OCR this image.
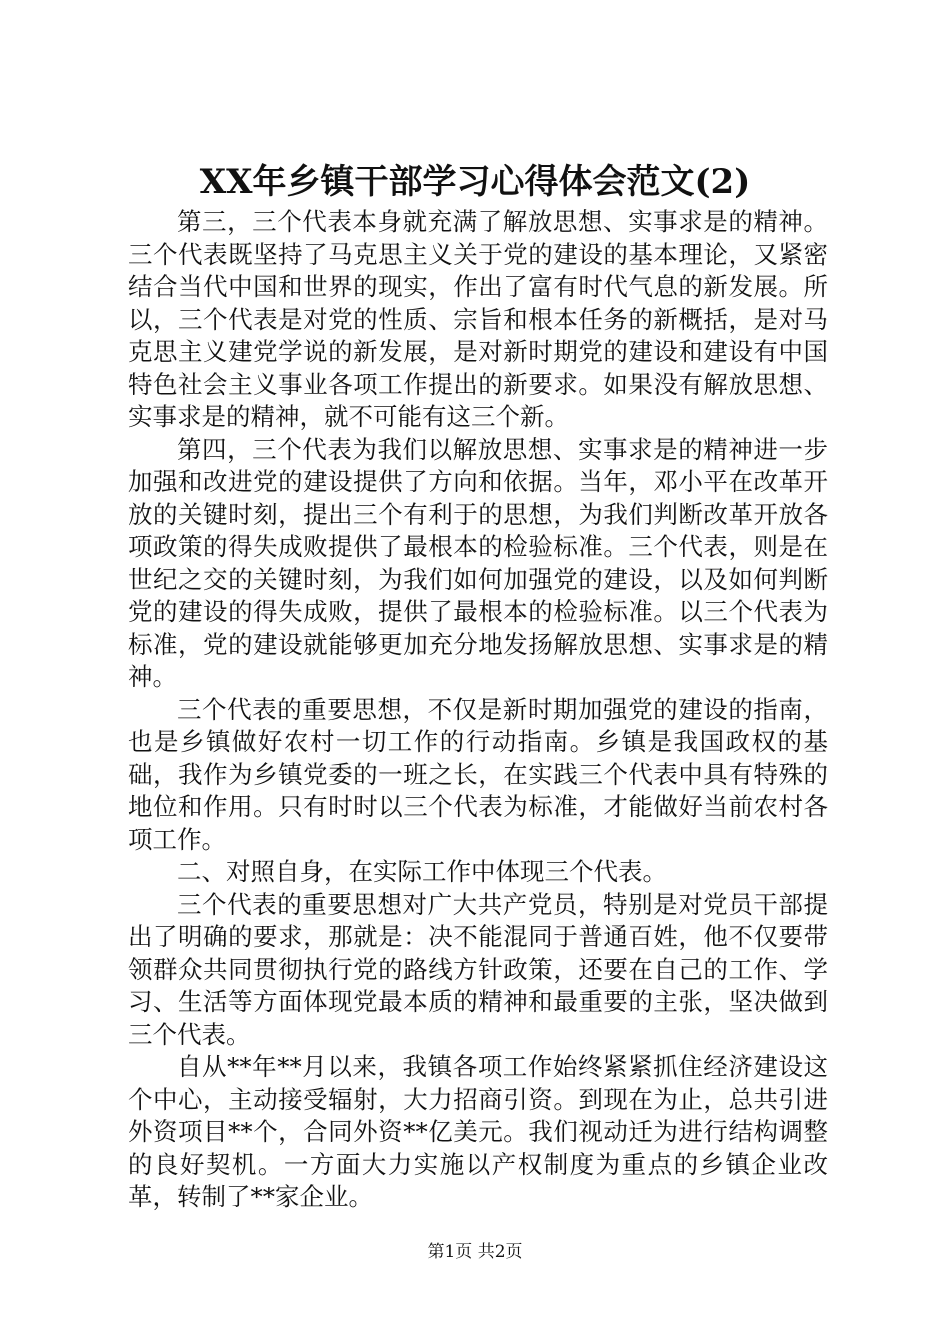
XX年乡镇干部学习心得体会范文(2)

第三，三个代表本身就充满了解放思想、实事求是的精神。三个代表既坚持了马克思主义关于党的建设的基本理论，又紧密结合当代中国和世界的现实，作出了富有时代气息的新发展。所以，三个代表是对党的性质、宗旨和根本任务的新概括，是对马克思主义建党学说的新发展，是对新时期党的建设和建设有中国特色社会主义事业各项工作提出的新要求。如果没有解放思想、实事求是的精神，就不可能有这三个新。

第四，三个代表为我们以解放思想、实事求是的精神进一步加强和改进党的建设提供了方向和依据。当年，邓小平在改革开放的关键时刻，提出三个有利于的思想，为我们判断改革开放各项政策的得失成败提供了最根本的检验标准。三个代表，则是在世纪之交的关键时刻，为我们如何加强党的建设，以及如何判断党的建设的得失成败，提供了最根本的检验标准。以三个代表为标准，党的建设就能够更加充分地发扬解放思想、实事求是的精神。

三个代表的重要思想，不仅是新时期加强党的建设的指南，也是乡镇做好农村一切工作的行动指南。乡镇是我国政权的基础，我作为乡镇党委的一班之长，在实践三个代表中具有特殊的地位和作用。只有时时以三个代表为标准，才能做好当前农村各项工作。

二、对照自身，在实际工作中体现三个代表。

三个代表的重要思想对广大共产党员，特别是对党员干部提出了明确的要求，那就是：决不能混同于普通百姓，他不仅要带领群众共同贯彻执行党的路线方针政策，还要在自己的工作、学习、生活等方面体现党最本质的精神和最重要的主张，坚决做到三个代表。

自从**年**月以来，我镇各项工作始终紧紧抓住经济建设这个中心，主动接受辐射，大力招商引资。到现在为止，总共引进外资项目**个，合同外资**亿美元。我们视动迁为进行结构调整的良好契机。一方面大力实施以产权制度为重点的乡镇企业改革，转制了**家企业。

第1页 共2页
